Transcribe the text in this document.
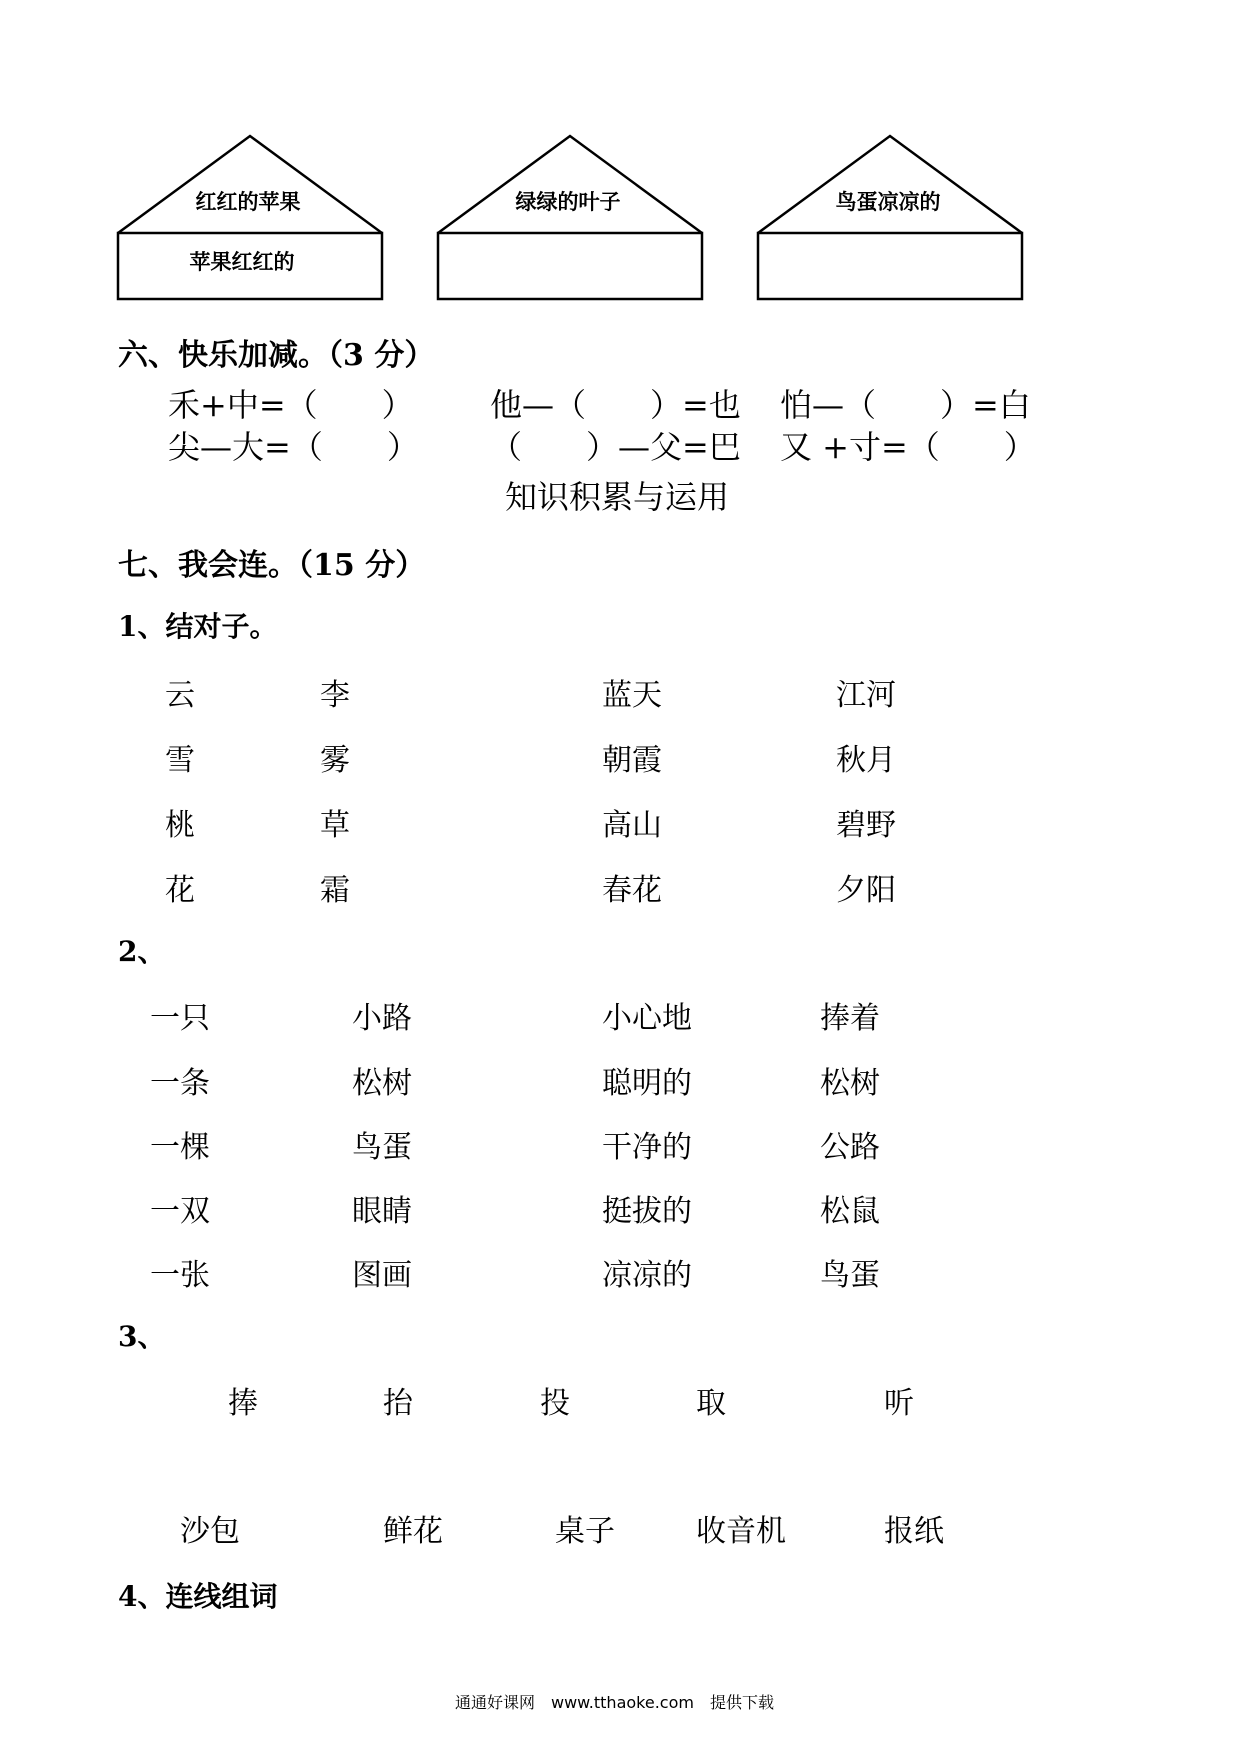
红红的苹果
苹果红红的
绿绿的叶子	鸟蛋凉凉的
六、快乐加减。（3 分）
禾+中=（　　） 他—（　　）=也 怕—（　　）=白
尖—大=（　　） （　　）—父=巴 又 +寸=（　　）
知识积累与运用
七、我会连。（15 分）
1、结对子。
云	李	蓝天	江河
雪	雾	朝霞	秋月
桃	草	高山	碧野
花	霜	春花	夕阳
2、
一只	小路	小心地	捧着
一条	松树	聪明的	松树
一棵	鸟蛋	干净的	公路
一双	眼睛	挺拔的	松鼠
一张	图画	凉凉的	鸟蛋
3、
捧	抬	投	取	听
沙包	鲜花	桌子	收音机	报纸
4、连线组词
通通好课网　www.tthaoke.com　提供下载
